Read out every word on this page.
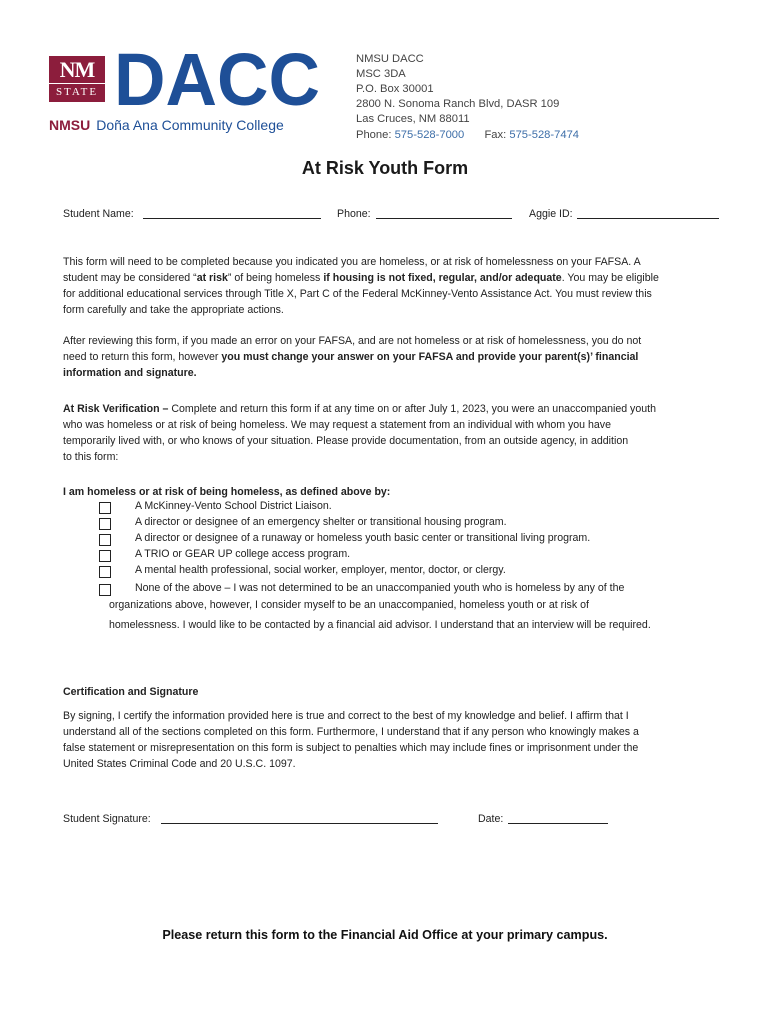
NM
STATE DACC
NMSU Doña Ana Community College
NMSU DACC
MSC 3DA
P.O. Box 30001
2800 N. Sonoma Ranch Blvd, DASR 109
Las Cruces, NM 88011
Phone: 575-528-7000 Fax: 575-528-7474
At Risk Youth Form
Student Name:	Phone:	Aggie ID:
This form will need to be completed because you indicated you are homeless, or at risk of homelessness on your FAFSA. A
student may be considered “at risk” of being homeless if housing is not fixed, regular, and/or adequate. You may be eligible
for additional educational services through Title X, Part C of the Federal McKinney-Vento Assistance Act. You must review this
form carefully and take the appropriate actions.
After reviewing this form, if you made an error on your FAFSA, and are not homeless or at risk of homelessness, you do not
need to return this form, however you must change your answer on your FAFSA and provide your parent(s)’ financial
information and signature.
At Risk Verification – Complete and return this form if at any time on or after July 1, 2023, you were an unaccompanied youth
who was homeless or at risk of being homeless. We may request a statement from an individual with whom you have
temporarily lived with, or who knows of your situation. Please provide documentation, from an outside agency, in addition
to this form:
I am homeless or at risk of being homeless, as defined above by:
A McKinney-Vento School District Liaison.
A director or designee of an emergency shelter or transitional housing program.
A director or designee of a runaway or homeless youth basic center or transitional living program.
A TRIO or GEAR UP college access program.
A mental health professional, social worker, employer, mentor, doctor, or clergy.
None of the above – I was not determined to be an unaccompanied youth who is homeless by any of the
organizations above, however, I consider myself to be an unaccompanied, homeless youth or at risk of
homelessness. I would like to be contacted by a financial aid advisor. I understand that an interview will be required.
Certification and Signature
By signing, I certify the information provided here is true and correct to the best of my knowledge and belief. I affirm that I
understand all of the sections completed on this form. Furthermore, I understand that if any person who knowingly makes a
false statement or misrepresentation on this form is subject to penalties which may include fines or imprisonment under the
United States Criminal Code and 20 U.S.C. 1097.
Student Signature:	Date:
Please return this form to the Financial Aid Office at your primary campus.
